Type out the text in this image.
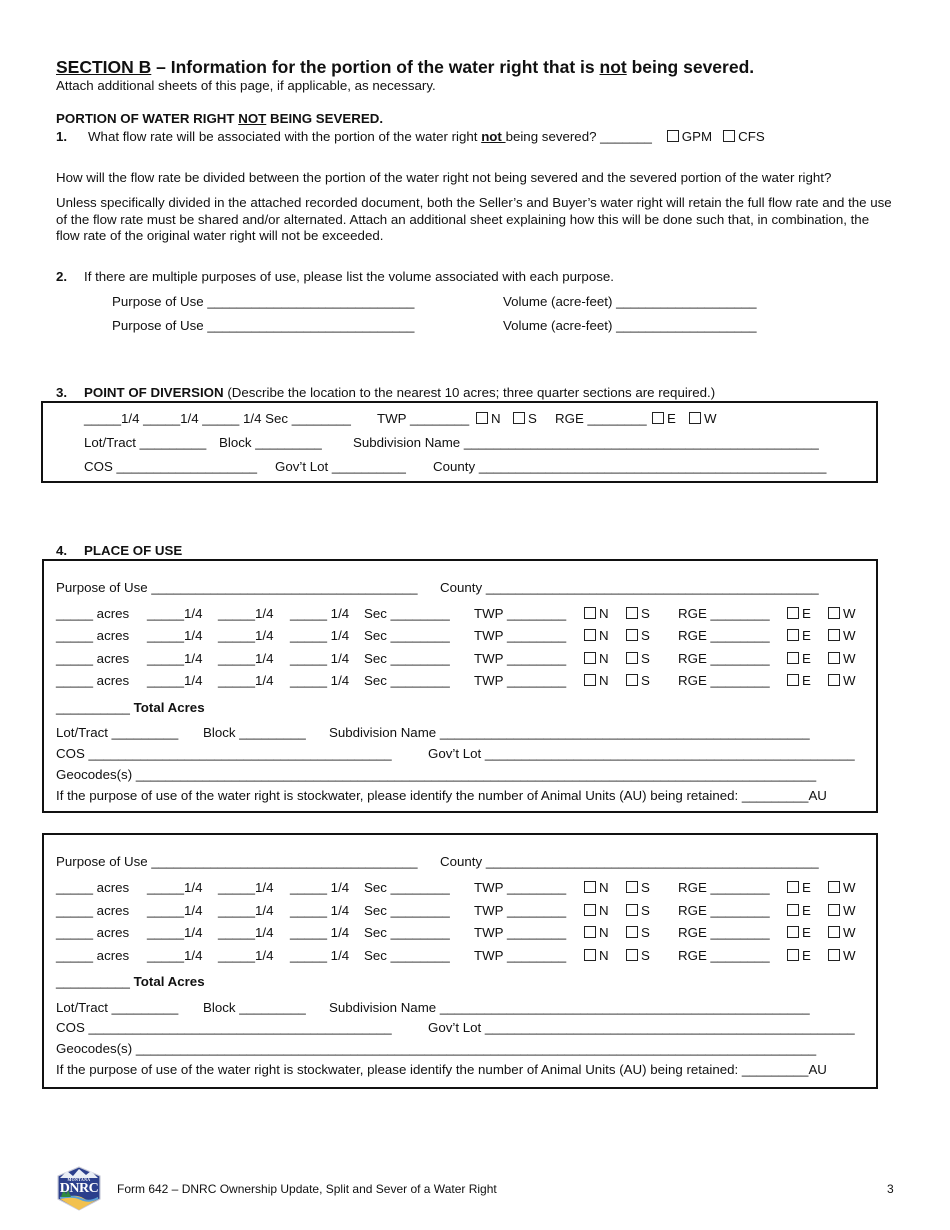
SECTION B – Information for the portion of the water right that is not being severed.
Attach additional sheets of this page, if applicable, as necessary.
PORTION OF WATER RIGHT NOT BEING SEVERED.
1. What flow rate will be associated with the portion of the water right not being severed? _______ GPM CFS
How will the flow rate be divided between the portion of the water right not being severed and the severed portion of the water right?
Unless specifically divided in the attached recorded document, both the Seller’s and Buyer’s water right will retain the full flow rate and the use of the flow rate must be shared and/or alternated. Attach an additional sheet explaining how this will be done such that, in combination, the flow rate of the original water right will not be exceeded.
2. If there are multiple purposes of use, please list the volume associated with each purpose.
Purpose of Use ____________________________	Volume (acre-feet) ___________________
Purpose of Use ____________________________	Volume (acre-feet) ___________________
3. POINT OF DIVERSION (Describe the location to the nearest 10 acres; three quarter sections are required.)
_____1/4 _____1/4 _____ 1/4 Sec ________ TWP ________	N	S RGE ________	E	W
Lot/Tract _________ Block _________ Subdivision Name ________________________________________________
COS ___________________ Gov’t Lot __________ County _______________________________________________
4. PLACE OF USE
Purpose of Use ____________________________________ County _____________________________________________
_____ acres _____1/4 _____1/4 _____ 1/4 Sec ________ TWP ________	N	S RGE ________	E	W
_____ acres _____1/4 _____1/4 _____ 1/4 Sec ________ TWP ________	N	S RGE ________	E	W
_____ acres _____1/4 _____1/4 _____ 1/4 Sec ________ TWP ________	N	S RGE ________	E	W
_____ acres _____1/4 _____1/4 _____ 1/4 Sec ________ TWP ________	N	S RGE ________	E	W
__________ Total Acres
Lot/Tract _________ Block _________ Subdivision Name __________________________________________________
COS _________________________________________	Gov’t Lot __________________________________________________
Geocodes(s) ____________________________________________________________________________________________
If the purpose of use of the water right is stockwater, please identify the number of Animal Units (AU) being retained: _________AU
Purpose of Use ____________________________________ County _____________________________________________
_____ acres _____1/4 _____1/4 _____ 1/4 Sec ________ TWP ________	N	S RGE ________	E	W
_____ acres _____1/4 _____1/4 _____ 1/4 Sec ________ TWP ________	N	S RGE ________	E	W
_____ acres _____1/4 _____1/4 _____ 1/4 Sec ________ TWP ________	N	S RGE ________	E	W
_____ acres _____1/4 _____1/4 _____ 1/4 Sec ________ TWP ________	N	S RGE ________	E	W
__________ Total Acres
Lot/Tract _________ Block _________ Subdivision Name __________________________________________________
COS _________________________________________	Gov’t Lot __________________________________________________
Geocodes(s) ____________________________________________________________________________________________
If the purpose of use of the water right is stockwater, please identify the number of Animal Units (AU) being retained: _________AU
MONTANA
DNRC Form 642 – DNRC Ownership Update, Split and Sever of a Water Right	3
